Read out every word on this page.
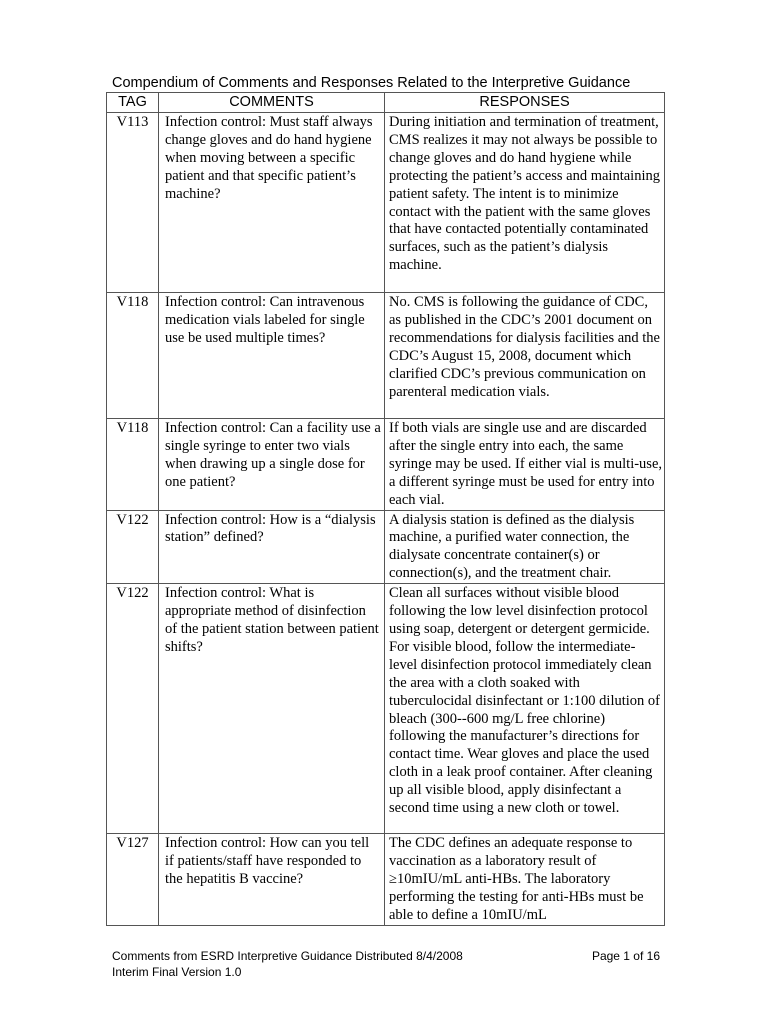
Compendium of Comments and Responses Related to the Interpretive Guidance
TAG	COMMENTS	RESPONSES
V113	Infection control: Must staff always change gloves and do hand hygiene when moving between a specific patient and that specific patient’s machine?	During initiation and termination of treatment, CMS realizes it may not always be possible to change gloves and do hand hygiene while protecting the patient’s access and maintaining patient safety. The intent is to minimize contact with the patient with the same gloves that have contacted potentially contaminated surfaces, such as the patient’s dialysis machine.
V118	Infection control: Can intravenous medication vials labeled for single use be used multiple times?	No. CMS is following the guidance of CDC, as published in the CDC’s 2001 document on recommendations for dialysis facilities and the CDC’s August 15, 2008, document which clarified CDC’s previous communication on parenteral medication vials.
V118	Infection control: Can a facility use a single syringe to enter two vials when drawing up a single dose for one patient?	If both vials are single use and are discarded after the single entry into each, the same syringe may be used. If either vial is multi-use, a different syringe must be used for entry into each vial.
V122	Infection control: How is a “dialysis station” defined?	A dialysis station is defined as the dialysis machine, a purified water connection, the dialysate concentrate container(s) or connection(s), and the treatment chair.
V122	Infection control: What is appropriate method of disinfection of the patient station between patient shifts?	Clean all surfaces without visible blood following the low level disinfection protocol using soap, detergent or detergent germicide. For visible blood, follow the intermediate-level disinfection protocol immediately clean the area with a cloth soaked with tuberculocidal disinfectant or 1:100 dilution of bleach (300--600 mg/L free chlorine) following the manufacturer’s directions for contact time. Wear gloves and place the used cloth in a leak proof container. After cleaning up all visible blood, apply disinfectant a second time using a new cloth or towel.
V127	Infection control: How can you tell if patients/staff have responded to the hepatitis B vaccine?	The CDC defines an adequate response to vaccination as a laboratory result of ≥10mIU/mL anti-HBs. The laboratory performing the testing for anti-HBs must be able to define a 10mIU/mL
Comments from ESRD Interpretive Guidance Distributed 8/4/2008	Page 1 of 16
Interim Final Version 1.0
